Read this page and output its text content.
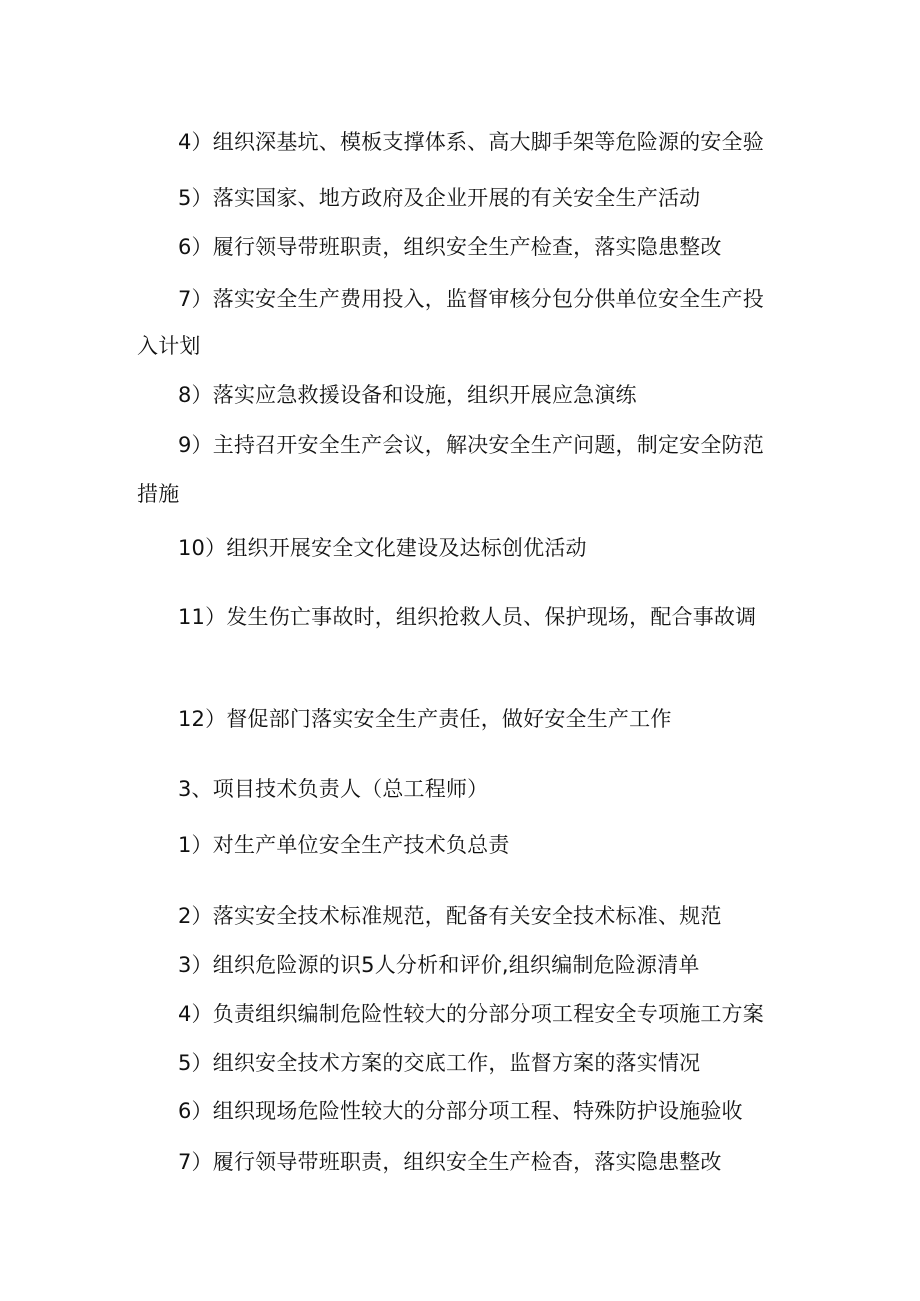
4）组织深基坑、模板支撑体系、高大脚手架等危险源的安全验
5）落实国家、地方政府及企业开展的有关安全生产活动
6）履行领导带班职责，组织安全生产检查，落实隐患整改
7）落实安全生产费用投入，监督审核分包分供单位安全生产投
入计划
8）落实应急救援设备和设施，组织开展应急演练
9）主持召开安全生产会议，解决安全生产问题，制定安全防范
措施
10）组织开展安全文化建设及达标创优活动
11）发生伤亡事故时，组织抢救人员、保护现场，配合事故调
12）督促部门落实安全生产责任，做好安全生产工作
3、项目技术负责人（总工程师）
1）对生产单位安全生产技术负总责
2）落实安全技术标准规范，配备有关安全技术标准、规范
3）组织危险源的识5人分析和评价,组织编制危险源清单
4）负责组织编制危险性较大的分部分项工程安全专项施工方案
5）组织安全技术方案的交底工作，监督方案的落实情况
6）组织现场危险性较大的分部分项工程、特殊防护设施验收
7）履行领导带班职责，组织安全生产检杳，落实隐患整改
